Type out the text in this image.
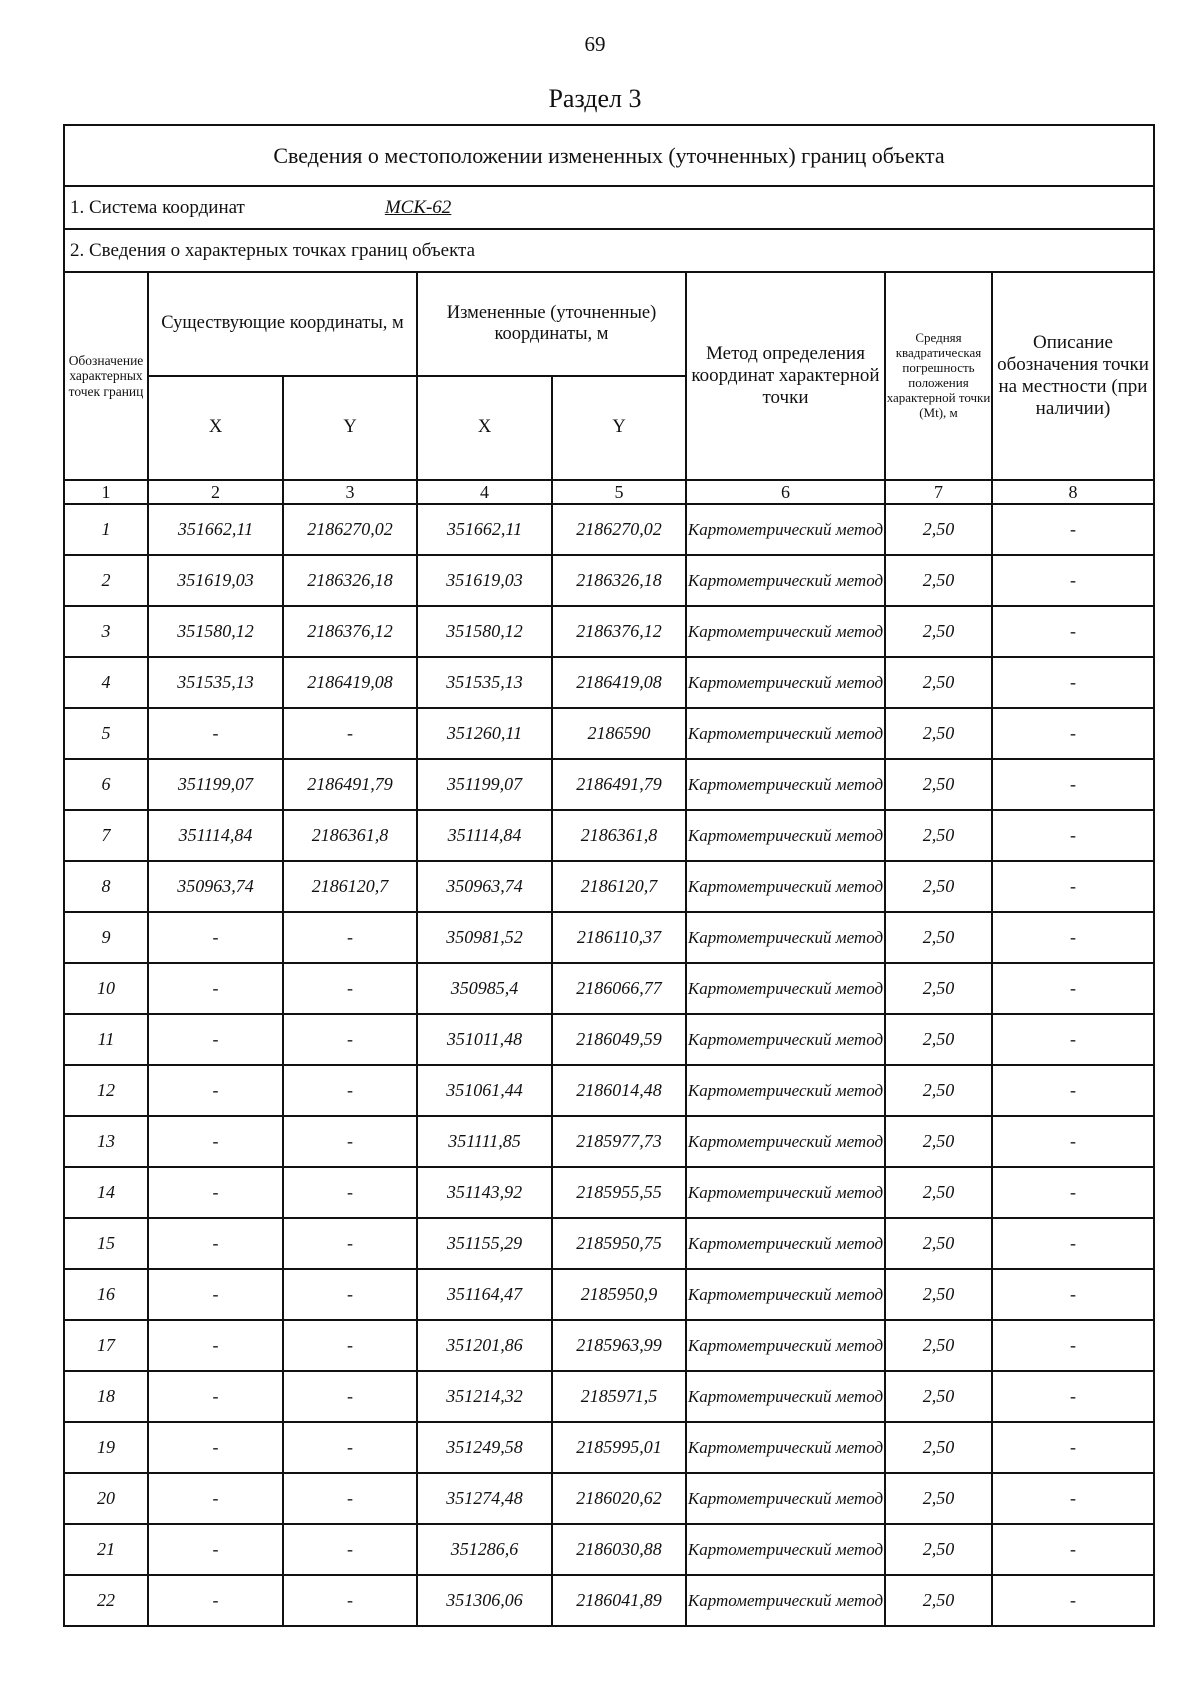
69
Раздел 3
Сведения о местоположении измененных (уточненных) границ объекта							
1. Система координат МСК-62							
2. Сведения о характерных точках границ объекта							
Обозначение характерных точек границ	Существующие координаты, м		Измененные (уточненные) координаты, м		Метод определения координат характерной точки	Средняя квадратическая погрешность положения характерной точки (Mt), м	Описание обозначения точки на местности (при наличии)
	X	Y	X	Y			
1	2	3	4	5	6	7	8
1	351662,11	2186270,02	351662,11	2186270,02	Картометрический метод	2,50	-
2	351619,03	2186326,18	351619,03	2186326,18	Картометрический метод	2,50	-
3	351580,12	2186376,12	351580,12	2186376,12	Картометрический метод	2,50	-
4	351535,13	2186419,08	351535,13	2186419,08	Картометрический метод	2,50	-
5	-	-	351260,11	2186590	Картометрический метод	2,50	-
6	351199,07	2186491,79	351199,07	2186491,79	Картометрический метод	2,50	-
7	351114,84	2186361,8	351114,84	2186361,8	Картометрический метод	2,50	-
8	350963,74	2186120,7	350963,74	2186120,7	Картометрический метод	2,50	-
9	-	-	350981,52	2186110,37	Картометрический метод	2,50	-
10	-	-	350985,4	2186066,77	Картометрический метод	2,50	-
11	-	-	351011,48	2186049,59	Картометрический метод	2,50	-
12	-	-	351061,44	2186014,48	Картометрический метод	2,50	-
13	-	-	351111,85	2185977,73	Картометрический метод	2,50	-
14	-	-	351143,92	2185955,55	Картометрический метод	2,50	-
15	-	-	351155,29	2185950,75	Картометрический метод	2,50	-
16	-	-	351164,47	2185950,9	Картометрический метод	2,50	-
17	-	-	351201,86	2185963,99	Картометрический метод	2,50	-
18	-	-	351214,32	2185971,5	Картометрический метод	2,50	-
19	-	-	351249,58	2185995,01	Картометрический метод	2,50	-
20	-	-	351274,48	2186020,62	Картометрический метод	2,50	-
21	-	-	351286,6	2186030,88	Картометрический метод	2,50	-
22	-	-	351306,06	2186041,89	Картометрический метод	2,50	-
